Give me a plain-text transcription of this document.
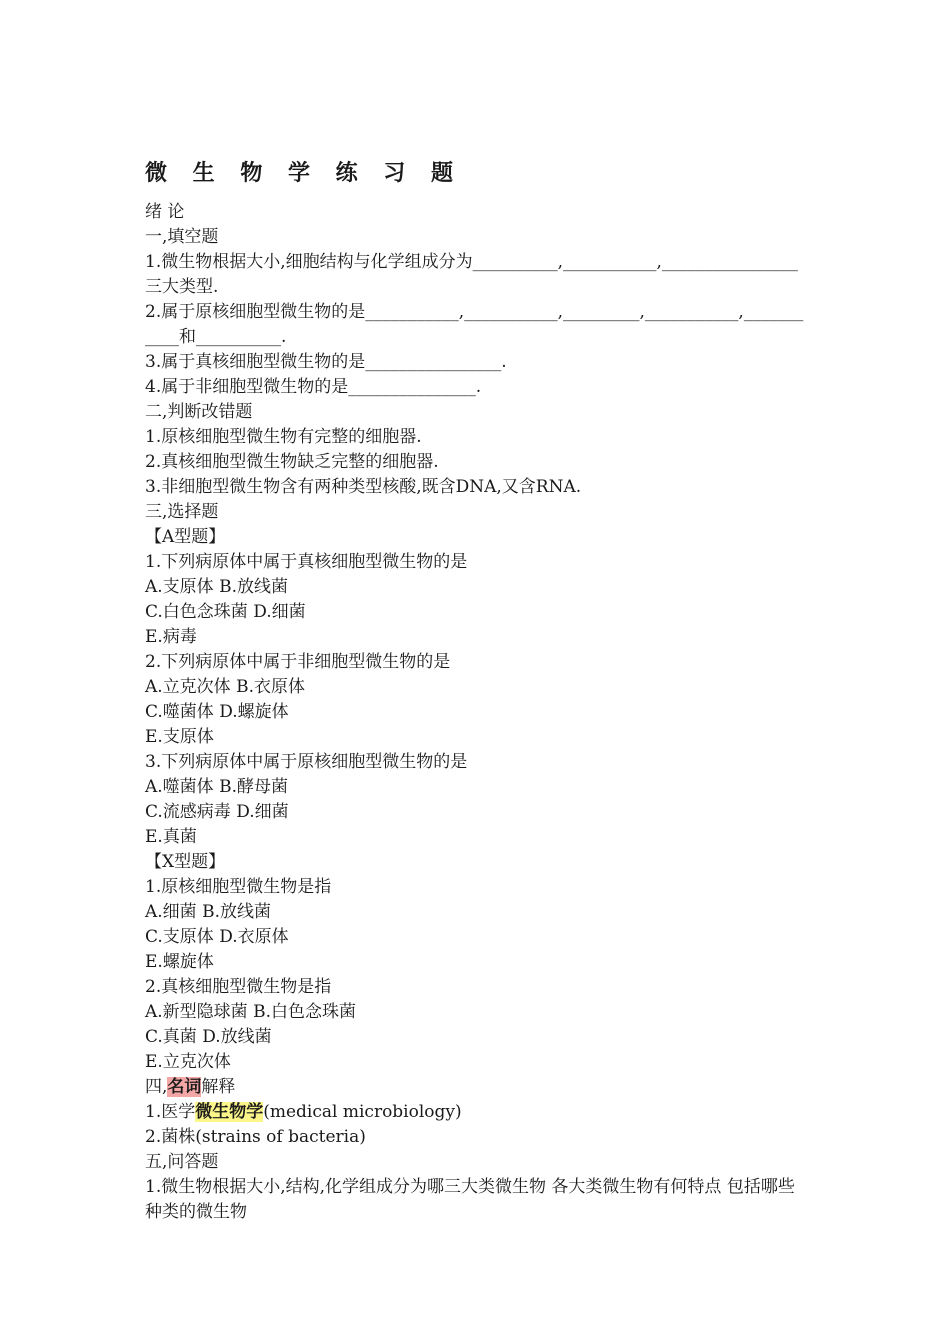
微 生 物 学 练 习 题
绪 论
一,填空题
1.微生物根据大小,细胞结构与化学组成分为__________,___________,________________三大类型.
2.属于原核细胞型微生物的是___________,___________,_________,___________,___________和__________.
3.属于真核细胞型微生物的是________________.
4.属于非细胞型微生物的是_______________.
二,判断改错题
1.原核细胞型微生物有完整的细胞器.
2.真核细胞型微生物缺乏完整的细胞器.
3.非细胞型微生物含有两种类型核酸,既含DNA,又含RNA.
三,选择题
【A型题】
1.下列病原体中属于真核细胞型微生物的是
A.支原体 B.放线菌
C.白色念珠菌 D.细菌
E.病毒
2.下列病原体中属于非细胞型微生物的是
A.立克次体 B.衣原体
C.噬菌体 D.螺旋体
E.支原体
3.下列病原体中属于原核细胞型微生物的是
A.噬菌体 B.酵母菌
C.流感病毒 D.细菌
E.真菌
【X型题】
1.原核细胞型微生物是指
A.细菌 B.放线菌
C.支原体 D.衣原体
E.螺旋体
2.真核细胞型微生物是指
A.新型隐球菌 B.白色念珠菌
C.真菌 D.放线菌
E.立克次体
四,名词解释
1.医学微生物学(medical microbiology)
2.菌株(strains of bacteria)
五,问答题
1.微生物根据大小,结构,化学组成分为哪三大类微生物 各大类微生物有何特点 包括哪些种类的微生物
